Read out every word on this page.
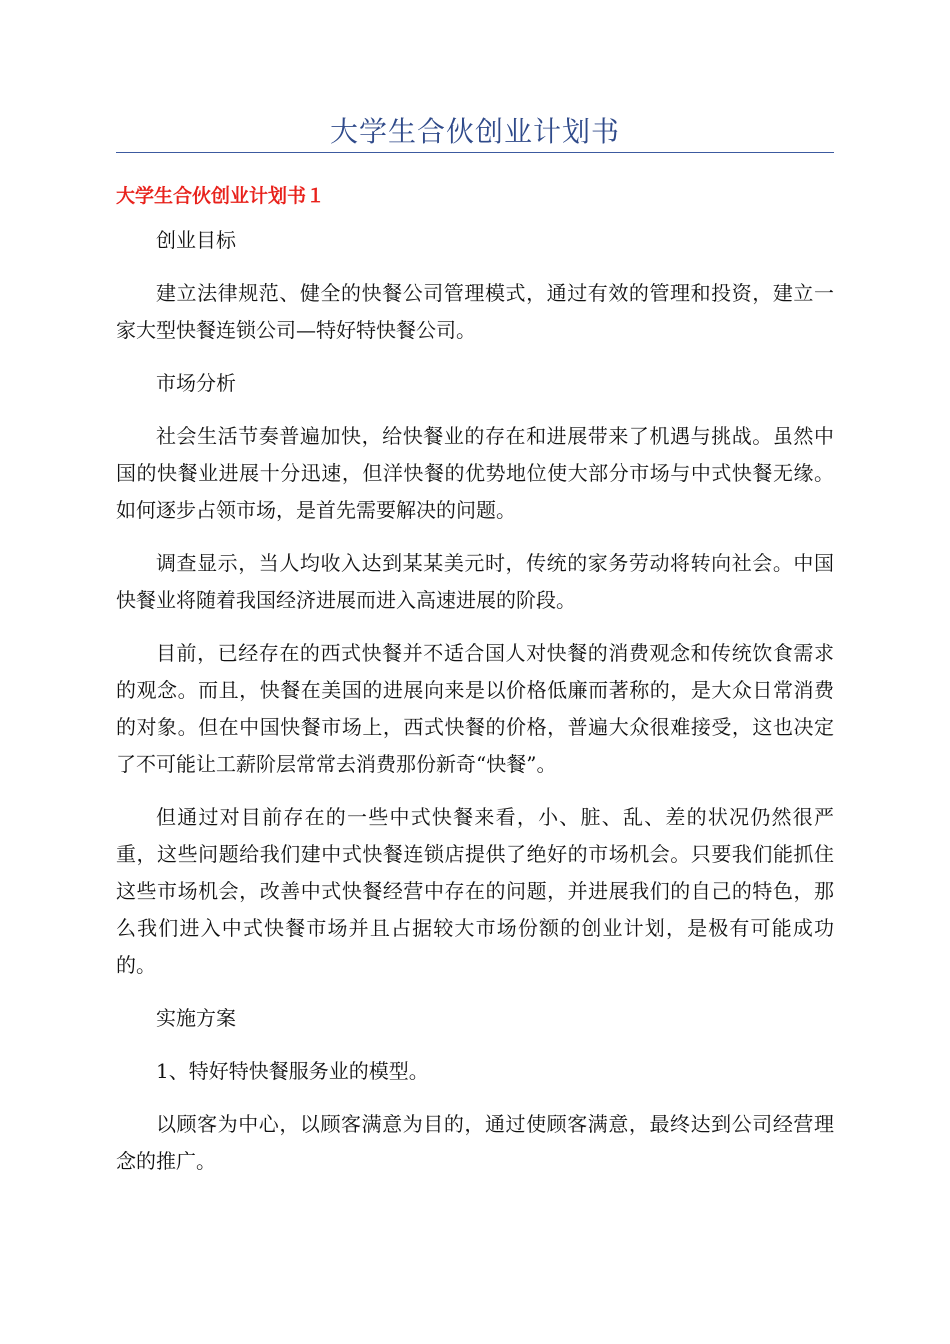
大学生合伙创业计划书
大学生合伙创业计划书１

创业目标

建立法律规范、健全的快餐公司管理模式，通过有效的管理和投资，建立一家大型快餐连锁公司—特好特快餐公司。

市场分析

社会生活节奏普遍加快，给快餐业的存在和进展带来了机遇与挑战。虽然中国的快餐业进展十分迅速，但洋快餐的优势地位使大部分市场与中式快餐无缘。如何逐步占领市场，是首先需要解决的问题。

调查显示，当人均收入达到某某美元时，传统的家务劳动将转向社会。中国快餐业将随着我国经济进展而进入高速进展的阶段。

目前，已经存在的西式快餐并不适合国人对快餐的消费观念和传统饮食需求的观念。而且，快餐在美国的进展向来是以价格低廉而著称的，是大众日常消费的对象。但在中国快餐市场上，西式快餐的价格，普遍大众很难接受，这也决定了不可能让工薪阶层常常去消费那份新奇“快餐”。

但通过对目前存在的一些中式快餐来看，小、脏、乱、差的状况仍然很严重，这些问题给我们建中式快餐连锁店提供了绝好的市场机会。只要我们能抓住这些市场机会，改善中式快餐经营中存在的问题，并进展我们的自己的特色，那么我们进入中式快餐市场并且占据较大市场份额的创业计划，是极有可能成功的。

实施方案

1、特好特快餐服务业的模型。

以顾客为中心，以顾客满意为目的，通过使顾客满意，最终达到公司经营理念的推广。
